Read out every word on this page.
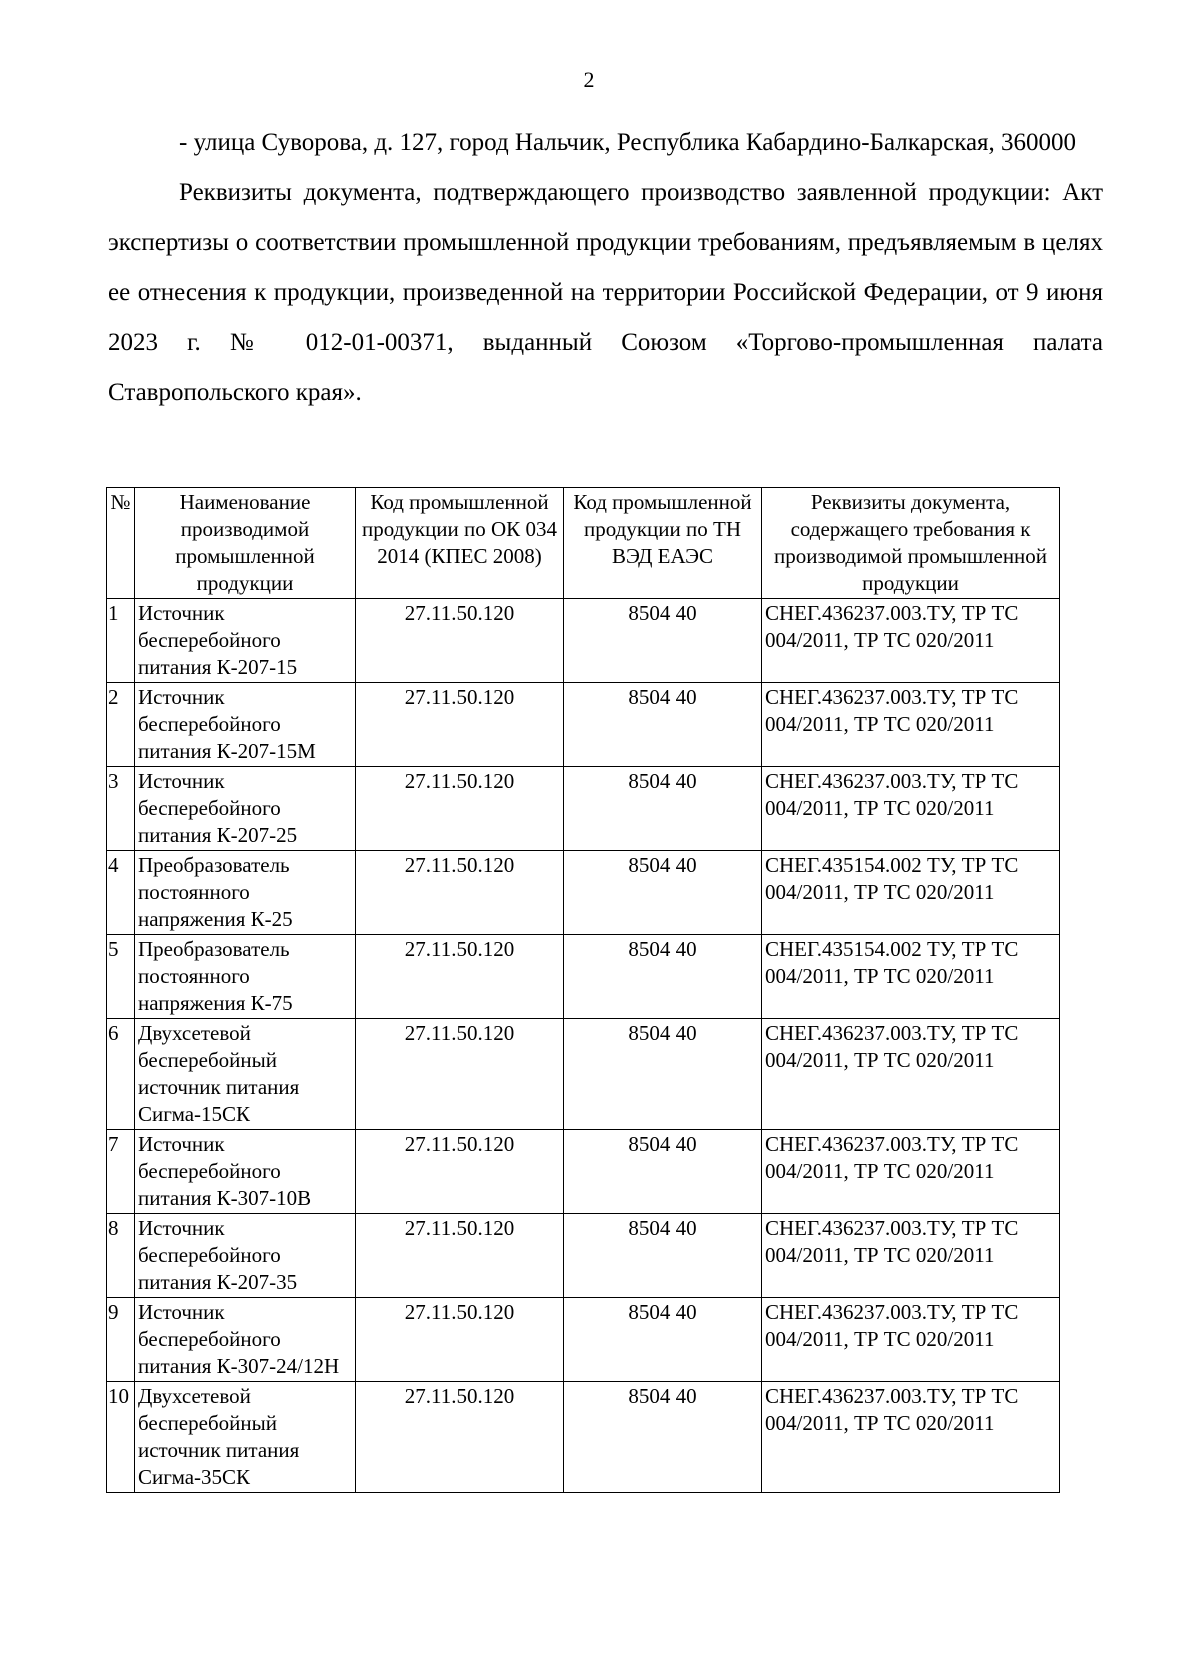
2

- улица Суворова, д. 127, город Нальчик, Республика Кабардино-Балкарская, 360000

Реквизиты документа, подтверждающего производство заявленной продукции: Акт экспертизы о соответствии промышленной продукции требованиям, предъявляемым в целях ее отнесения к продукции, произведенной на территории Российской Федерации, от 9 июня 2023 г. № 012-01-00371, выданный Союзом «Торгово-промышленная палата Ставропольского края».

№	Наименование производимой промышленной продукции	Код промышленной продукции по ОК 034 2014 (КПЕС 2008)	Код промышленной продукции по ТН ВЭД ЕАЭС	Реквизиты документа, содержащего требования к производимой промышленной продукции
1	Источник бесперебойного питания К-207-15	27.11.50.120	8504 40	СНЕГ.436237.003.ТУ, ТР ТС 004/2011, ТР ТС 020/2011
2	Источник бесперебойного питания К-207-15М	27.11.50.120	8504 40	СНЕГ.436237.003.ТУ, ТР ТС 004/2011, ТР ТС 020/2011
3	Источник бесперебойного питания К-207-25	27.11.50.120	8504 40	СНЕГ.436237.003.ТУ, ТР ТС 004/2011, ТР ТС 020/2011
4	Преобразователь постоянного напряжения К-25	27.11.50.120	8504 40	СНЕГ.435154.002 ТУ, ТР ТС 004/2011, ТР ТС 020/2011
5	Преобразователь постоянного напряжения К-75	27.11.50.120	8504 40	СНЕГ.435154.002 ТУ, ТР ТС 004/2011, ТР ТС 020/2011
6	Двухсетевой бесперебойный источник питания Сигма-15СК	27.11.50.120	8504 40	СНЕГ.436237.003.ТУ, ТР ТС 004/2011, ТР ТС 020/2011
7	Источник бесперебойного питания К-307-10В	27.11.50.120	8504 40	СНЕГ.436237.003.ТУ, ТР ТС 004/2011, ТР ТС 020/2011
8	Источник бесперебойного питания К-207-35	27.11.50.120	8504 40	СНЕГ.436237.003.ТУ, ТР ТС 004/2011, ТР ТС 020/2011
9	Источник бесперебойного питания К-307-24/12Н	27.11.50.120	8504 40	СНЕГ.436237.003.ТУ, ТР ТС 004/2011, ТР ТС 020/2011
10	Двухсетевой бесперебойный источник питания Сигма-35СК	27.11.50.120	8504 40	СНЕГ.436237.003.ТУ, ТР ТС 004/2011, ТР ТС 020/2011
